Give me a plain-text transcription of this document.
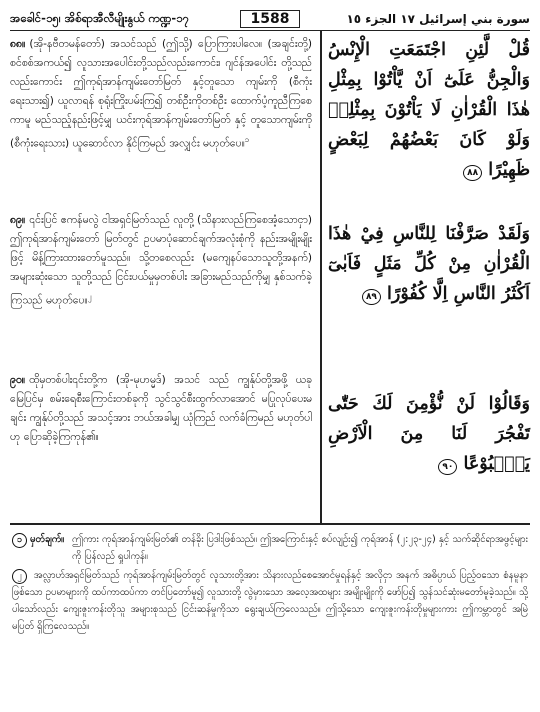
အခေါင်-၁၅၊ အိစ်ရာအီလီမျိုးနွယ် ကဏ္ဍ-၁၇	1588	سورة بني إسرائيل ١٧ الجزء ١٥

၈၈။ (အို-နဗီတမန်တော်) အသင်သည် (ဤသို့) ပြောကြားပါလေ။ (အချင်းတို့) စင်စစ်အကယ်၍ လူသားအပေါင်းတို့သည်လည်းကောင်း၊ ဂျင်န်အပေါင်း တို့သည်လည်းကောင်း ဤကုရ်အာန်ကျမ်းတော်မြတ် နှင့်တူသော ကျမ်းကို (စီကုံးရေးသား၍) ယူလာရန် စုရုံးကြိုးပမ်းကြ၍ တစ်ဦးကိုတစ်ဦး ထောက်ပံ့ကူညီကြစေကာမူ မည်သည့်နည်းဖြင့်မျှ ယင်းကုရ်အာန်ကျမ်းတော်မြတ် နှင့် တူသောကျမ်းကို (စီကုံးရေးသား) ယူဆောင်လာ နိုင်ကြမည် အလျှင်း မဟုတ်ပေ။$^၁$

၈၉။ ၎င်းပြင် ဧကန်မလွဲ ငါအရှင်မြတ်သည် လူတို့ (သိနားလည်ကြစေအံ့သောငှာ) ဤကုရ်အာန်ကျမ်းတော် မြတ်တွင် ဥပမာပုံဆောင်ချက်အလုံးစုံကို နည်းအမျိုးမျိုး ဖြင့် မိန့်ကြားထားတော်မူသည်။ သို့တစေလည်း (မကျေနပ်သောသူတို့အနက်) အများဆုံးသော သူတို့သည် ငြင်းပယ်မှုမှတစ်ပါး အခြားမည်သည်ကိုမျှ နှစ်သက်ခဲ့ ကြသည် မဟုတ်ပေ။$^၂$

၉၀။ ထိုမှတစ်ပါး၎င်းတို့က (အို-မုဟမ္မဒ်) အသင် သည် ကျွန်ုပ်တို့အဖို့ ယခုမြေပြင်မှ စမ်းရေစီးကြောင်းတစ်ခုကို သွင်သွင်စီးထွက်လာအောင် မပြုလုပ်ပေးမချင်း ကျွန်ုပ်တို့သည် အသင့်အား ဘယ်အခါမျှ ယုံကြည် လက်ခံကြမည် မဟုတ်ပါဟု ပြောဆိုခဲ့ကြကုန်၏။

قُلْ لَّئِنِ اجْتَمَعَتِ الْإِنْسُ وَالْجِنُّ عَلَىٰٓ اَنْ يَّاْتُوْا بِمِثْلِ هٰذَا الْقُرْاٰنِ لَا يَاْتُوْنَ بِمِثْلِهٖ وَلَوْ كَانَ بَعْضُهُمْ لِبَعْضٍ ظَهِيْرًا ٨٨
وَلَقَدْ صَرَّفْنَا لِلنَّاسِ فِيْ هٰذَا الْقُرْاٰنِ مِنْ كُلِّ مَثَلٍ فَاَبٰىٓ اَكْثَرُ النَّاسِ اِلَّا كُفُوْرًا ٨٩
وَقَالُوْا لَنْ نُّؤْمِنَ لَكَ حَتّٰى تَفْجُرَ لَنَا مِنَ الْاَرْضِ يَنْۢبُوْعًا ٩٠
၁ မှတ်ချက်။ ဤကား ကုရ်အာန်ကျမ်းမြတ်၏ တန်ခိုး ပြဒါးဖြစ်သည်။ ဤအကြောင်းနှင့် စပ်လျဉ်း၍ ကုရ်အာန် (၂:၂၃-၂၄) နှင့် သက်ဆိုင်ရာအဖွင့်များကို ပြန်လည် ရှုပါကုန်။
၂ အလ္လာဟ်အရှင်မြတ်သည် ကုရ်အာန်ကျမ်းမြတ်တွင် လူသားတို့အား သိနားလည်စေအောင်မှုရန်နှင့် အလိုငှာ အနက် အဓိပ္ပာယ် ပြည့်ဝသော စံနမူနာဖြစ်သော ဥပမာများကို ထပ်ကာထပ်ကာ တင်ပြတော်မူ၍ လူသားတို့ လွဲမှားသော အလေ့အထများ အမျိုးမျိုးကို ဖော်ပြ၍ သွန်သင်ဆုံးမတော်မူခဲ့သည်။ သို့ပါသော်လည်း ကျေးဇူးကန်းတိုသူ အများစုသည် ငြင်းဆန်မှုကိုသာ ရွေးချယ်ကြလေသည်။ ဤသို့သော ကျေးဇူးကန်းတိုမှုများကား ဤကမ္ဘာတွင် အမြဲမပြတ် ရှိကြလေသည်။
